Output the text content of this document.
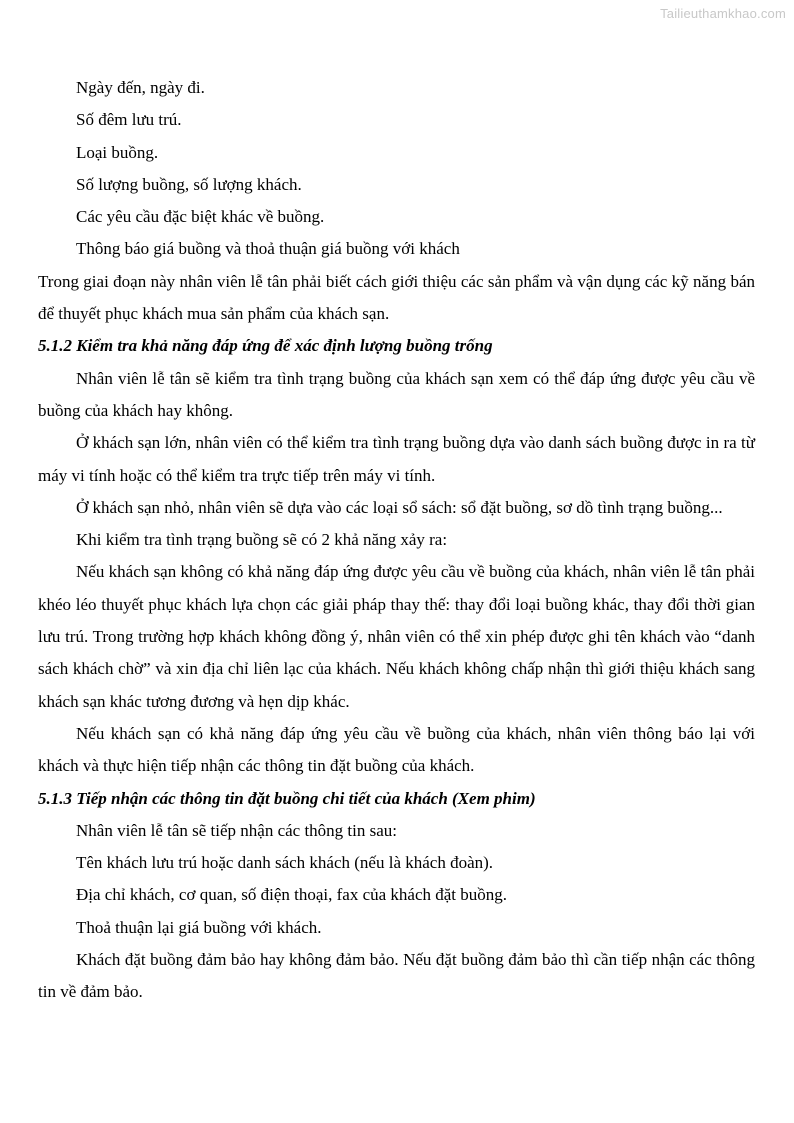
Tailieuthamkhao.com

Ngày đến, ngày đi.

Số đêm lưu trú.

Loại buồng.

Số lượng buồng, số lượng khách.

Các yêu cầu đặc biệt khác về buồng.

Thông báo giá buồng và thoả thuận giá buồng với khách

Trong giai đoạn này nhân viên lễ tân phải biết cách giới thiệu các sản phẩm và vận dụng các kỹ năng bán để thuyết phục khách mua sản phẩm của khách sạn.

5.1.2 Kiểm tra khả năng đáp ứng để xác định lượng buồng trống

Nhân viên lễ tân sẽ kiểm tra tình trạng buồng của khách sạn xem có thể đáp ứng được yêu cầu về buồng của khách hay không.

Ở khách sạn lớn, nhân viên có thể kiểm tra tình trạng buồng dựa vào danh sách buồng được in ra từ máy vi tính hoặc có thể kiểm tra trực tiếp trên máy vi tính.

Ở khách sạn nhỏ, nhân viên sẽ dựa vào các loại sổ sách: sổ đặt buồng, sơ dồ tình trạng buồng...

Khi kiểm tra tình trạng buồng sẽ có 2 khả năng xảy ra:

Nếu khách sạn không có khả năng đáp ứng được yêu cầu về buồng của khách, nhân viên lễ tân phải khéo léo thuyết phục khách lựa chọn các giải pháp thay thế: thay đổi loại buồng khác, thay đổi thời gian lưu trú. Trong trường hợp khách không đồng ý, nhân viên có thể xin phép được ghi tên khách vào “danh sách khách chờ” và xin địa chỉ liên lạc của khách. Nếu khách không chấp nhận thì giới thiệu khách sang khách sạn khác tương đương và hẹn dịp khác.

Nếu khách sạn có khả năng đáp ứng yêu cầu về buồng của khách, nhân viên thông báo lại với khách và thực hiện tiếp nhận các thông tin đặt buồng của khách.

5.1.3 Tiếp nhận các thông tin đặt buồng chi tiết của khách (Xem phim)

Nhân viên lễ tân sẽ tiếp nhận các thông tin sau:

Tên khách lưu trú hoặc danh sách khách (nếu là khách đoàn).

Địa chỉ khách, cơ quan, số điện thoại, fax của khách đặt buồng.

Thoả thuận lại giá buồng với khách.

Khách đặt buồng đảm bảo hay không đảm bảo. Nếu đặt buồng đảm bảo thì cần tiếp nhận các thông tin về đảm bảo.
